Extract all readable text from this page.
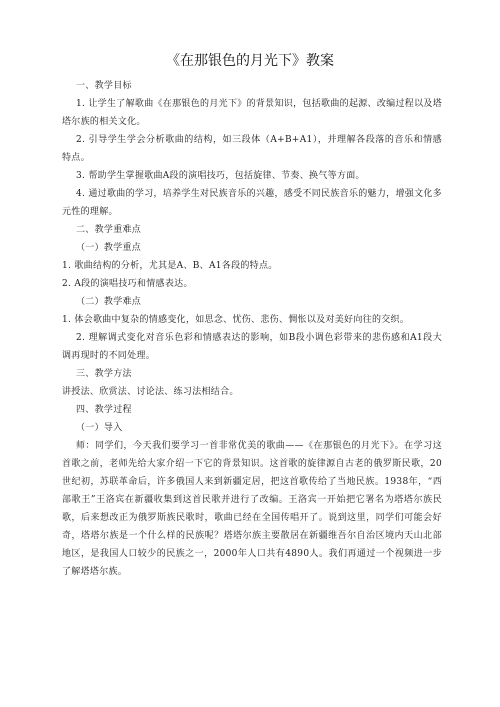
《在那银色的月光下》教案
一、教学目标
1. 让学生了解歌曲《在那银色的月光下》的背景知识，包括歌曲的起源、改编过程以及塔塔尔族的相关文化。
2. 引导学生学会分析歌曲的结构，如三段体（A+B+A1），并理解各段落的音乐和情感特点。
3. 帮助学生掌握歌曲A段的演唱技巧，包括旋律、节奏、换气等方面。
4. 通过歌曲的学习，培养学生对民族音乐的兴趣，感受不同民族音乐的魅力，增强文化多元性的理解。
二、教学重难点
（一）教学重点
1. 歌曲结构的分析，尤其是A、B、A1各段的特点。
2. A段的演唱技巧和情感表达。
（二）教学难点
1. 体会歌曲中复杂的情感变化，如思念、忧伤、悲伤、惆怅以及对美好向往的交织。
2. 理解调式变化对音乐色彩和情感表达的影响，如B段小调色彩带来的悲伤感和A1段大调再现时的不同处理。
三、教学方法
讲授法、欣赏法、讨论法、练习法相结合。
四、教学过程
（一）导入
师：同学们，今天我们要学习一首非常优美的歌曲——《在那银色的月光下》。在学习这首歌之前，老师先给大家介绍一下它的背景知识。这首歌的旋律源自古老的俄罗斯民歌，20世纪初，苏联革命后，许多俄国人来到新疆定居，把这首歌传给了当地民族。1938年，“西部歌王”王洛宾在新疆收集到这首民歌并进行了改编。王洛宾一开始把它署名为塔塔尔族民歌，后来想改正为俄罗斯族民歌时，歌曲已经在全国传唱开了。说到这里，同学们可能会好奇，塔塔尔族是一个什么样的民族呢？塔塔尔族主要散居在新疆维吾尔自治区境内天山北部地区，是我国人口较少的民族之一，2000年人口共有4890人。我们再通过一个视频进一步了解塔塔尔族。
